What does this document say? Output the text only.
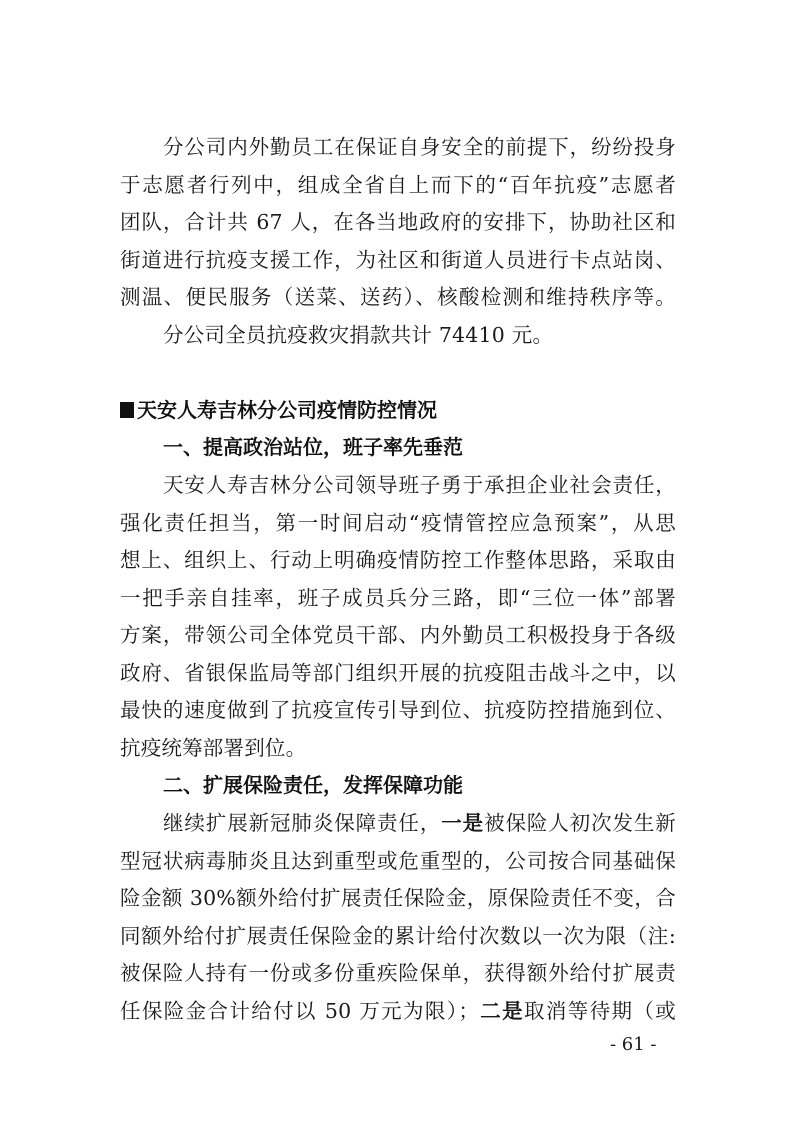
分公司内外勤员工在保证自身安全的前提下，纷纷投身
于志愿者行列中，组成全省自上而下的“百年抗疫”志愿者
团队，合计共 67 人，在各当地政府的安排下，协助社区和
街道进行抗疫支援工作，为社区和街道人员进行卡点站岗、
测温、便民服务（送菜、送药）、核酸检测和维持秩序等。
分公司全员抗疫救灾捐款共计 74410 元。
天安人寿吉林分公司疫情防控情况
一、提高政治站位，班子率先垂范
天安人寿吉林分公司领导班子勇于承担企业社会责任，
强化责任担当，第一时间启动“疫情管控应急预案”，从思
想上、组织上、行动上明确疫情防控工作整体思路，采取由
一把手亲自挂率，班子成员兵分三路，即“三位一体”部署
方案，带领公司全体党员干部、内外勤员工积极投身于各级
政府、省银保监局等部门组织开展的抗疫阻击战斗之中，以
最快的速度做到了抗疫宣传引导到位、抗疫防控措施到位、
抗疫统筹部署到位。
二、扩展保险责任，发挥保障功能
继续扩展新冠肺炎保障责任，一是被保险人初次发生新
型冠状病毒肺炎且达到重型或危重型的，公司按合同基础保
险金额 30%额外给付扩展责任保险金，原保险责任不变，合
同额外给付扩展责任保险金的累计给付次数以一次为限（注:
被保险人持有一份或多份重疾险保单，获得额外给付扩展责
任保险金合计给付以 50 万元为限）；二是取消等待期（或
- 61 -
